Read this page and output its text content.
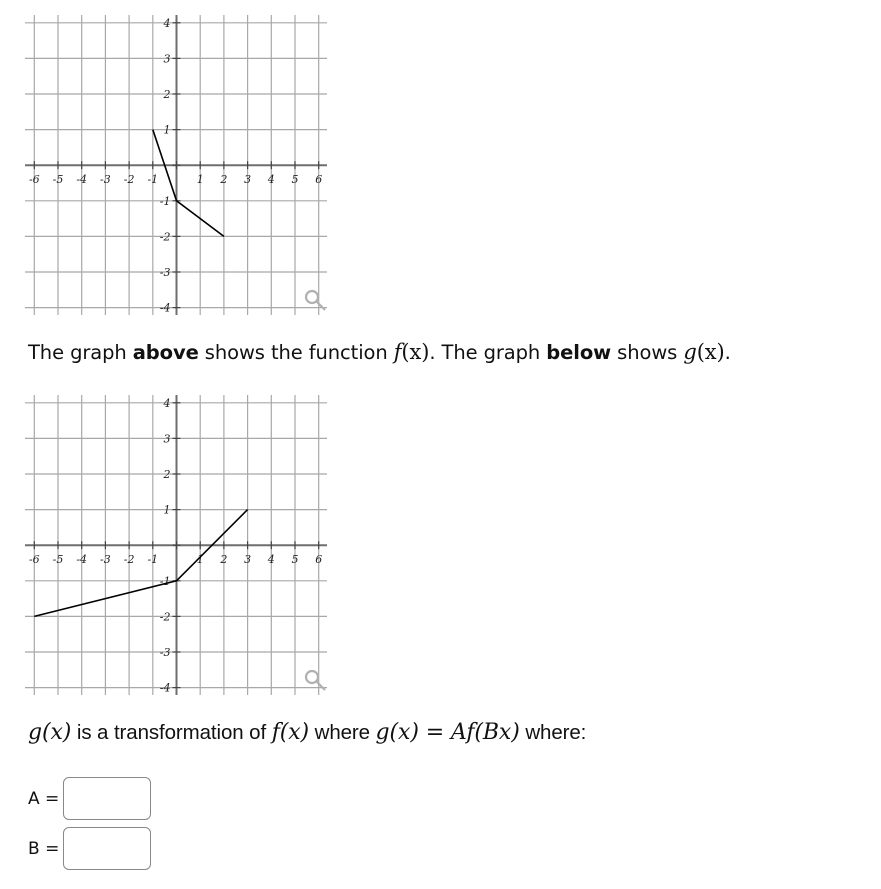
-6 -5 -4 -3 -2 -1	1 2 3 4 5 6
4
3
2
1
-1
-2
-3
-4
The graph above shows the function f(x). The graph below shows g(x).
-6 -5 -4 -3 -2 -1	1 2 3 4 5 6
4
3
2
1
-1
-2
-3
-4
g(x) is a transformation of f(x) where g(x) = Af(Bx) where:
A =
B =
